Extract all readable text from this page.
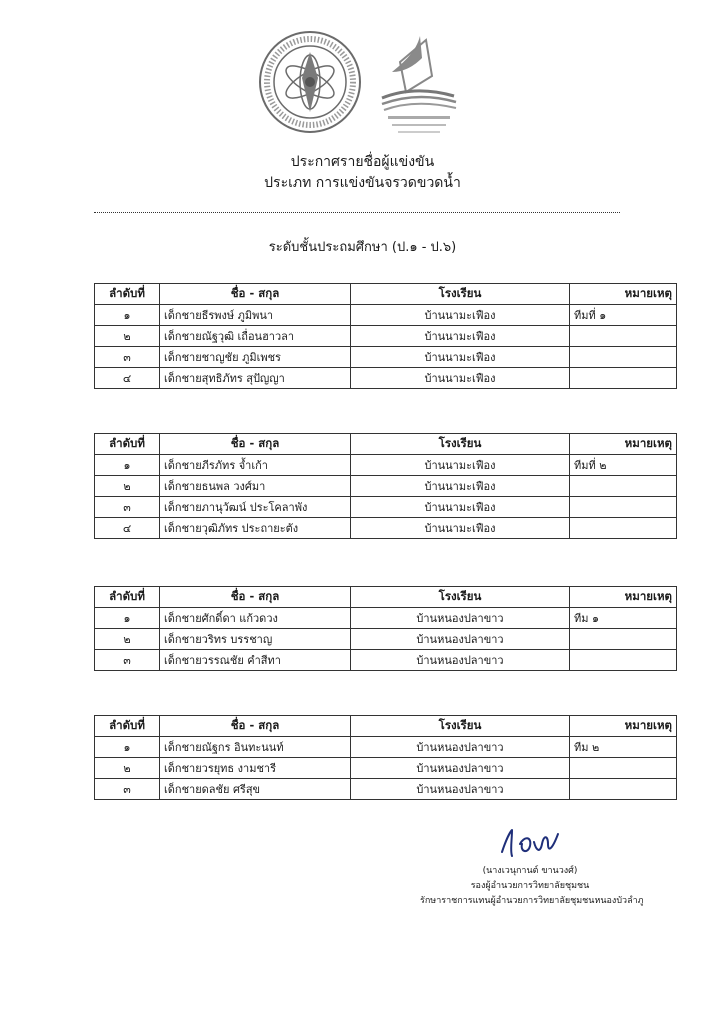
ประกาศรายชื่อผู้แข่งขัน
ประเภท การแข่งขันจรวดขวดน้ำ
ระดับชั้นประถมศึกษา (ป.๑ - ป.๖)
ลำดับที่	ชื่อ - สกุล	โรงเรียน	หมายเหตุ
๑	เด็กชายธีรพงษ์ ภูมิพนา	บ้านนามะเฟือง	ทีมที่ ๑
๒	เด็กชายณัฐวุฒิ เถื่อนฮาวลา	บ้านนามะเฟือง	
๓	เด็กชายชาญชัย ภูมิเพชร	บ้านนามะเฟือง	
๔	เด็กชายสุทธิภัทร สุปัญญา	บ้านนามะเฟือง	
ลำดับที่	ชื่อ - สกุล	โรงเรียน	หมายเหตุ
๑	เด็กชายภีรภัทร จ้ำเก้า	บ้านนามะเฟือง	ทีมที่ ๒
๒	เด็กชายธนพล วงศ์มา	บ้านนามะเฟือง	
๓	เด็กชายภานุวัฒน์ ประโคลาพัง	บ้านนามะเฟือง	
๔	เด็กชายวุฒิภัทร ประถายะตัง	บ้านนามะเฟือง	
ลำดับที่	ชื่อ - สกุล	โรงเรียน	หมายเหตุ
๑	เด็กชายศักดิ์ดา แก้วดวง	บ้านหนองปลาขาว	ทีม ๑
๒	เด็กชายวริทร บรรชาญ	บ้านหนองปลาขาว	
๓	เด็กชายวรรณชัย คำสีทา	บ้านหนองปลาขาว	
ลำดับที่	ชื่อ - สกุล	โรงเรียน	หมายเหตุ
๑	เด็กชายณัฐกร อินทะนนท์	บ้านหนองปลาขาว	ทีม ๒
๒	เด็กชายวรยุทธ งามชารี	บ้านหนองปลาขาว	
๓	เด็กชายดลชัย ศรีสุข	บ้านหนองปลาขาว	
(นางเวนุกานต์ ขาน​วงศ์)
รองผู้อำนวยการวิทยาลัยชุมชน
รักษาราชการแทนผู้อำนวยการวิทยาลัยชุมชนหนองบัวลำภู
